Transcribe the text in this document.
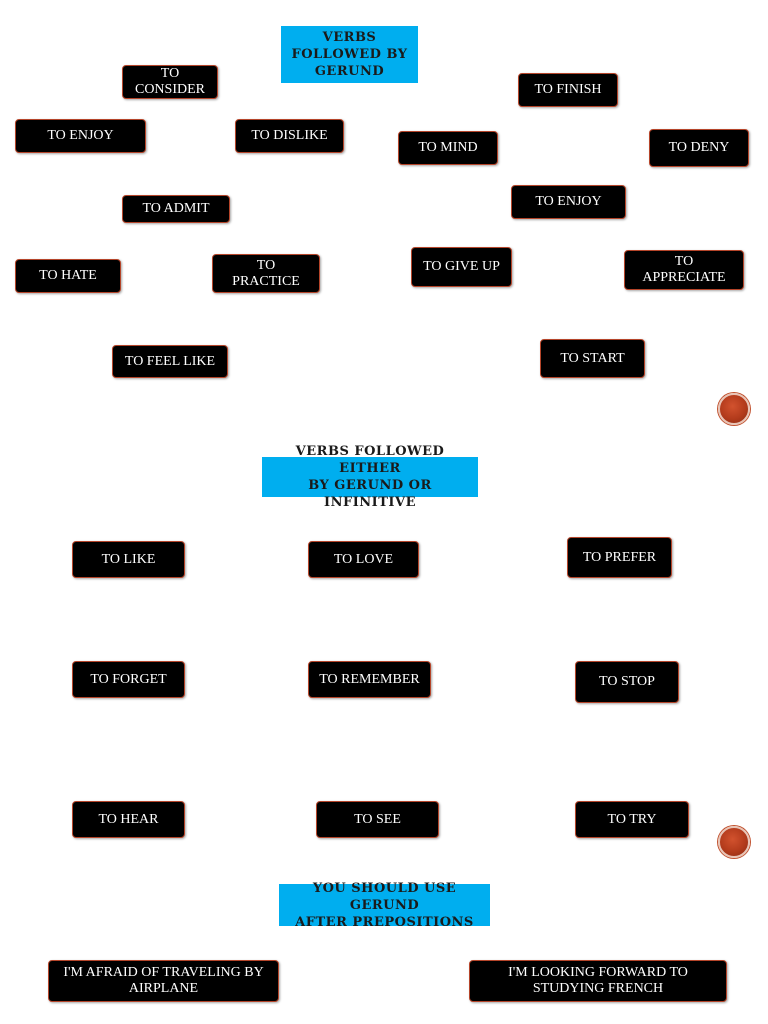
VERBS
FOLLOWED BY
GERUND
TO
CONSIDER	TO FINISH
TO ENJOY	TO DISLIKE
TO MIND	TO DENY
TO ADMIT	TO ENJOY
TO HATE
TO
PRACTICE
TO GIVE UP	TO
APPRECIATE
TO FEEL LIKE	TO START
VERBS FOLLOWED EITHER
BY GERUND OR INFINITIVE
TO LIKE	TO LOVE	TO PREFER
TO FORGET	TO REMEMBER	TO STOP
TO HEAR	TO SEE	TO TRY
YOU SHOULD USE GERUND
AFTER PREPOSITIONS
I'M AFRAID OF TRAVELING BY
AIRPLANE
I'M LOOKING FORWARD TO
STUDYING FRENCH
